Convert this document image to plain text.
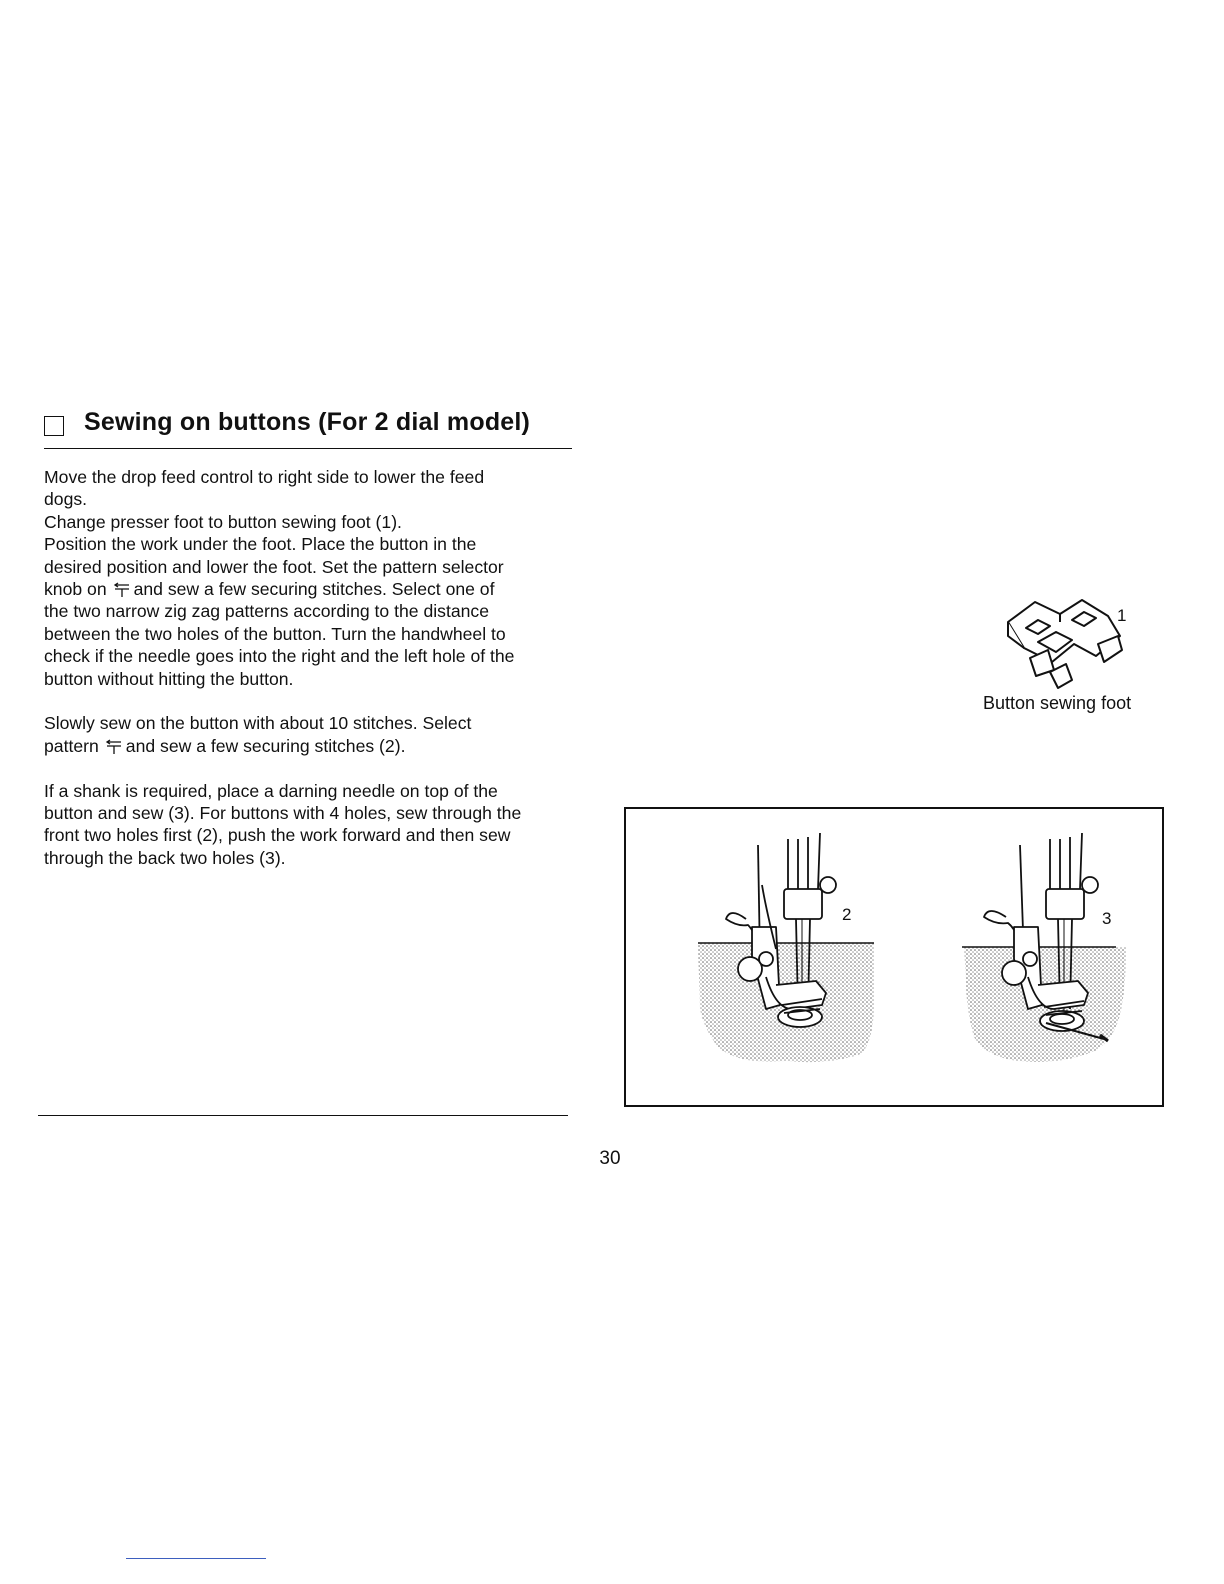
Sewing on buttons (For 2 dial model)

Move the drop feed control to right side to lower the feed

dogs.

Change presser foot to button sewing foot (1).

Position the work under the foot. Place the button in the

desired position and lower the foot. Set the pattern selector

knob on and sew a few securing stitches. Select one of

the two narrow zig zag patterns according to the distance

between the two holes of the button. Turn the handwheel to

check if the needle goes into the right and the left hole of the

button without hitting the button.

Slowly sew on the button with about 10 stitches. Select

pattern and sew a few securing stitches (2).

If a shank is required, place a darning needle on top of the

button and sew (3). For buttons with 4 holes, sew through the

front two holes first (2), push the work forward and then sew

through the back two holes (3).

1
Button sewing foot
2	3
30
